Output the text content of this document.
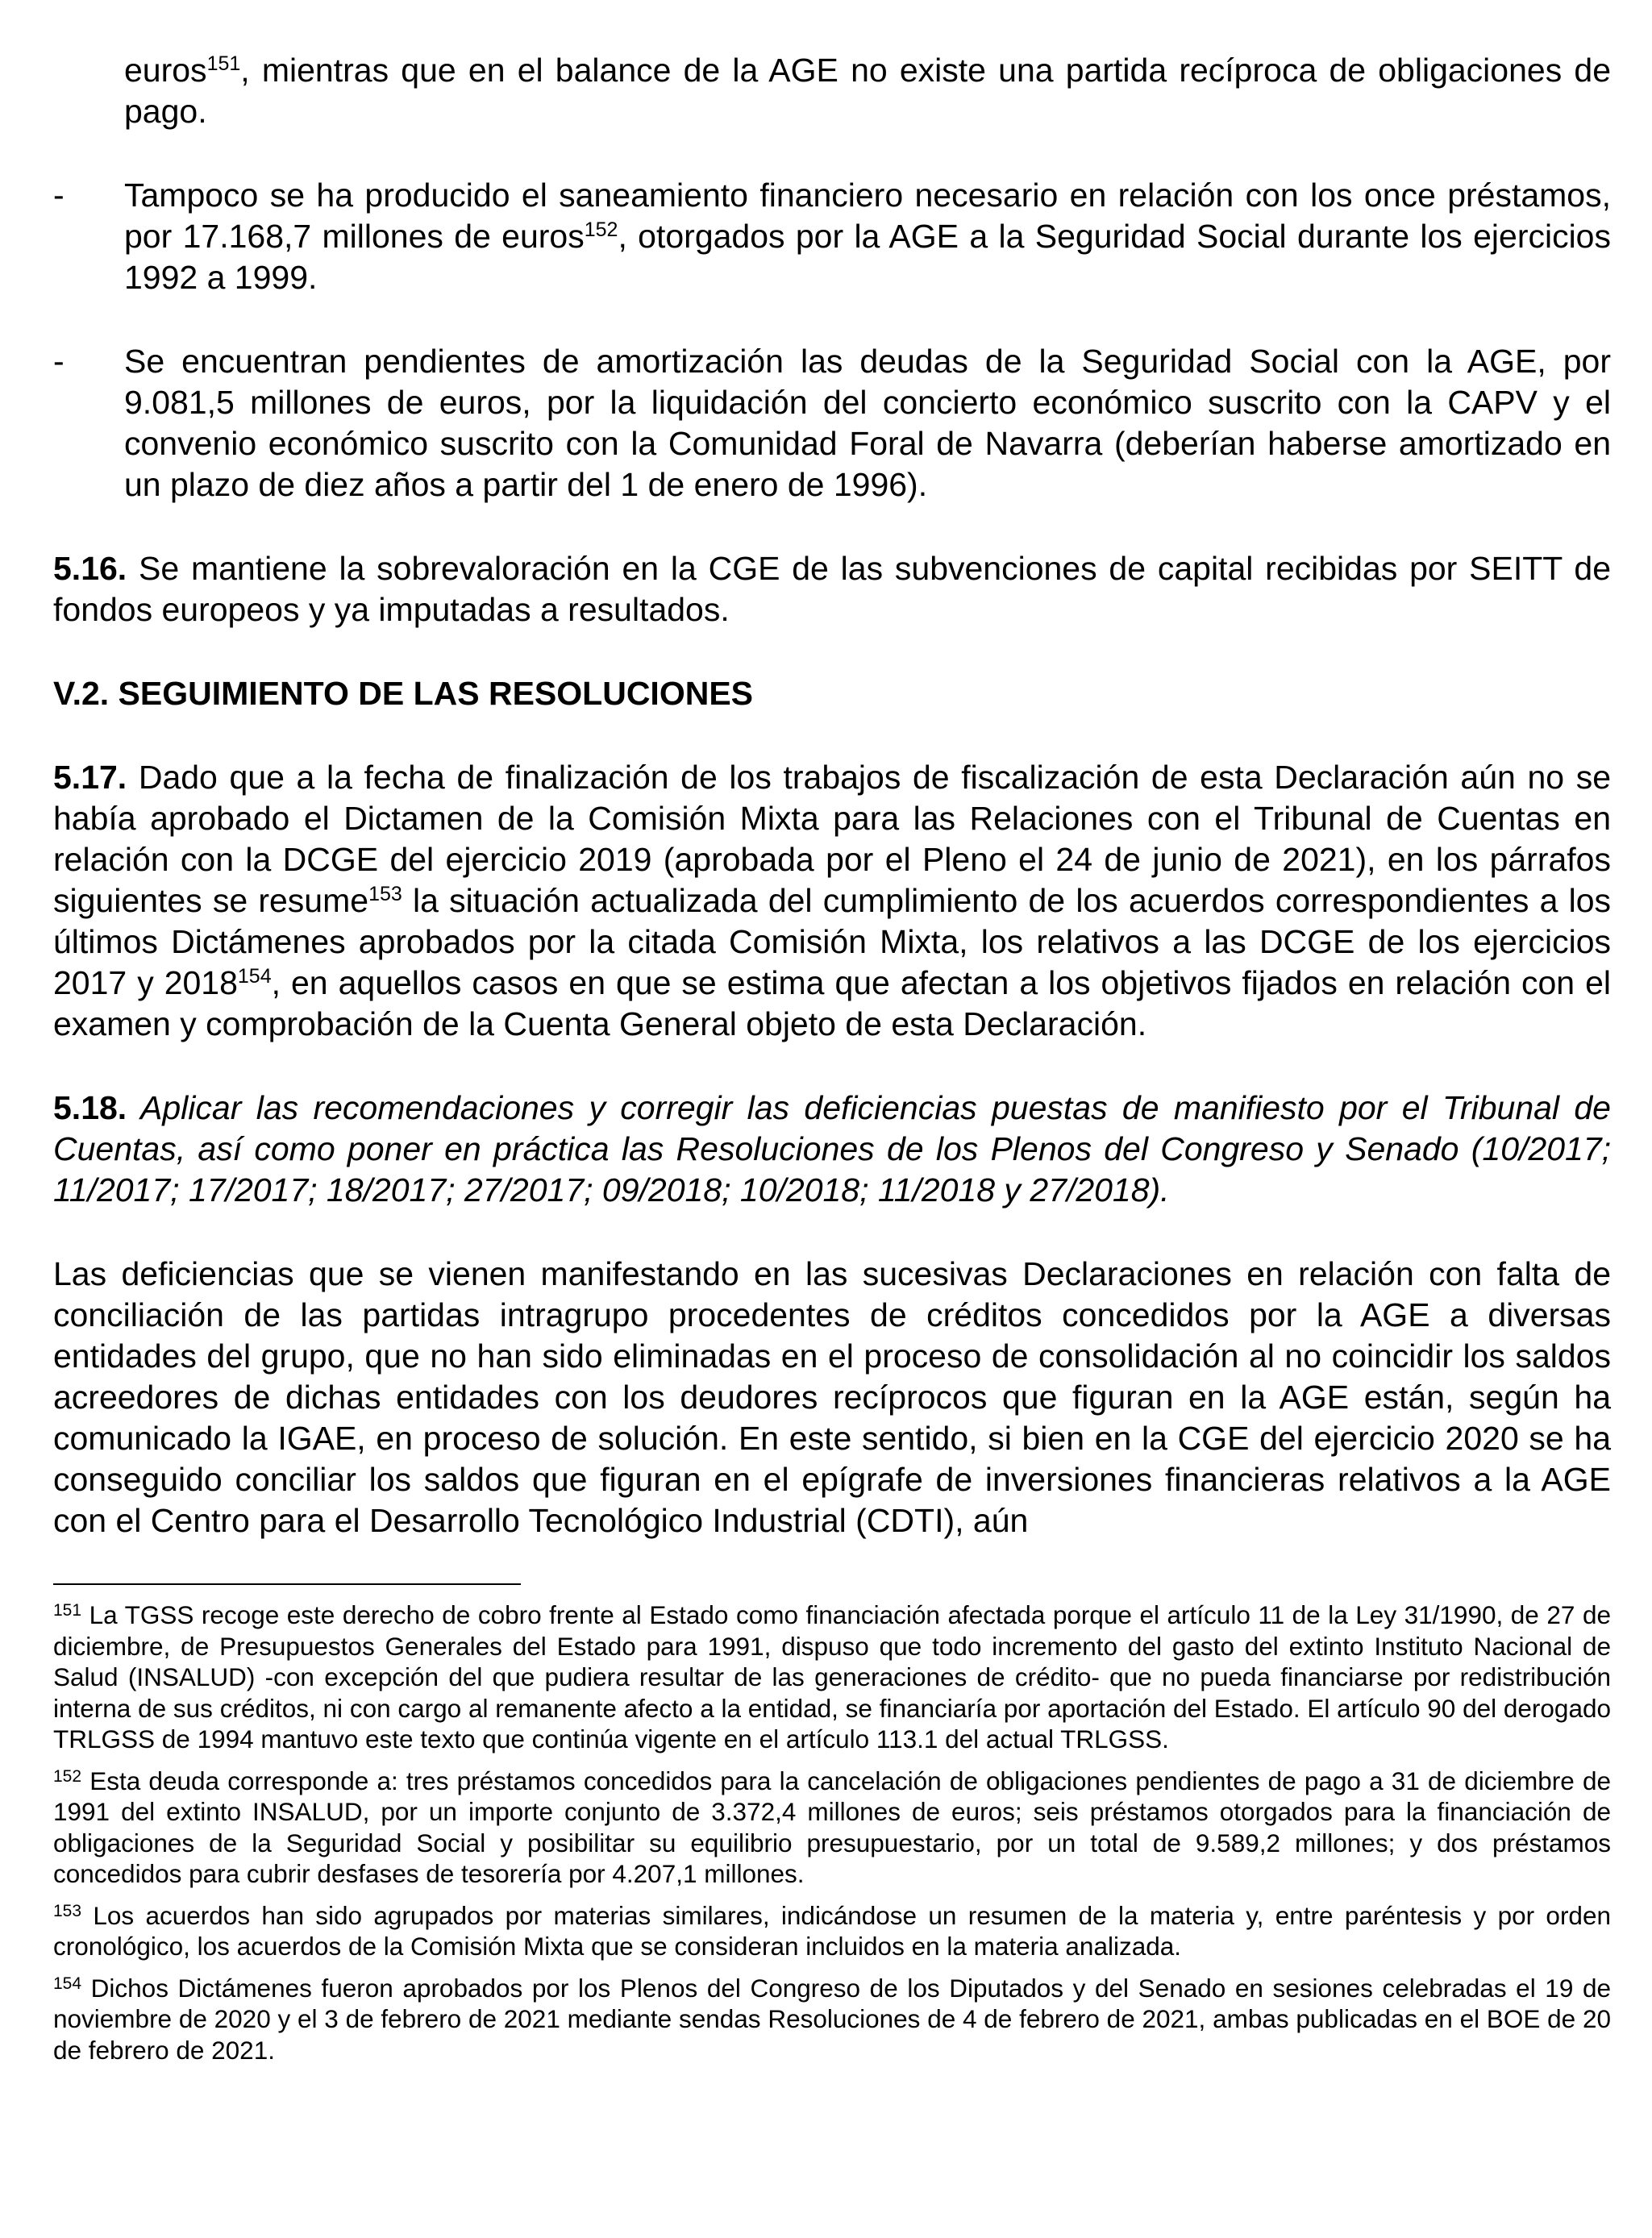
euros$^{151}$, mientras que en el balance de la AGE no existe una partida recíproca de obligaciones de pago.

-	Tampoco se ha producido el saneamiento financiero necesario en relación con los once préstamos, por 17.168,7 millones de euros$^{152}$, otorgados por la AGE a la Seguridad Social durante los ejercicios 1992 a 1999.
-	Se encuentran pendientes de amortización las deudas de la Seguridad Social con la AGE, por 9.081,5 millones de euros, por la liquidación del concierto económico suscrito con la CAPV y el convenio económico suscrito con la Comunidad Foral de Navarra (deberían haberse amortizado en un plazo de diez años a partir del 1 de enero de 1996).

5.16. Se mantiene la sobrevaloración en la CGE de las subvenciones de capital recibidas por SEITT de fondos europeos y ya imputadas a resultados.

V.2. SEGUIMIENTO DE LAS RESOLUCIONES

5.17. Dado que a la fecha de finalización de los trabajos de fiscalización de esta Declaración aún no se había aprobado el Dictamen de la Comisión Mixta para las Relaciones con el Tribunal de Cuentas en relación con la DCGE del ejercicio 2019 (aprobada por el Pleno el 24 de junio de 2021), en los párrafos siguientes se resume$^{153}$ la situación actualizada del cumplimiento de los acuerdos correspondientes a los últimos Dictámenes aprobados por la citada Comisión Mixta, los relativos a las DCGE de los ejercicios 2017 y 2018$^{154}$, en aquellos casos en que se estima que afectan a los objetivos fijados en relación con el examen y comprobación de la Cuenta General objeto de esta Declaración.

5.18. Aplicar las recomendaciones y corregir las deficiencias puestas de manifiesto por el Tribunal de Cuentas, así como poner en práctica las Resoluciones de los Plenos del Congreso y Senado (10/2017; 11/2017; 17/2017; 18/2017; 27/2017; 09/2018; 10/2018; 11/2018 y 27/2018).

Las deficiencias que se vienen manifestando en las sucesivas Declaraciones en relación con falta de conciliación de las partidas intragrupo procedentes de créditos concedidos por la AGE a diversas entidades del grupo, que no han sido eliminadas en el proceso de consolidación al no coincidir los saldos acreedores de dichas entidades con los deudores recíprocos que figuran en la AGE están, según ha comunicado la IGAE, en proceso de solución. En este sentido, si bien en la CGE del ejercicio 2020 se ha conseguido conciliar los saldos que figuran en el epígrafe de inversiones financieras relativos a la AGE con el Centro para el Desarrollo Tecnológico Industrial (CDTI), aún

$^{151}$ La TGSS recoge este derecho de cobro frente al Estado como financiación afectada porque el artículo 11 de la Ley 31/1990, de 27 de diciembre, de Presupuestos Generales del Estado para 1991, dispuso que todo incremento del gasto del extinto Instituto Nacional de Salud (INSALUD) -con excepción del que pudiera resultar de las generaciones de crédito- que no pueda financiarse por redistribución interna de sus créditos, ni con cargo al remanente afecto a la entidad, se financiaría por aportación del Estado. El artículo 90 del derogado TRLGSS de 1994 mantuvo este texto que continúa vigente en el artículo 113.1 del actual TRLGSS.

$^{152}$ Esta deuda corresponde a: tres préstamos concedidos para la cancelación de obligaciones pendientes de pago a 31 de diciembre de 1991 del extinto INSALUD, por un importe conjunto de 3.372,4 millones de euros; seis préstamos otorgados para la financiación de obligaciones de la Seguridad Social y posibilitar su equilibrio presupuestario, por un total de 9.589,2 millones; y dos préstamos concedidos para cubrir desfases de tesorería por 4.207,1 millones.

$^{153}$ Los acuerdos han sido agrupados por materias similares, indicándose un resumen de la materia y, entre paréntesis y por orden cronológico, los acuerdos de la Comisión Mixta que se consideran incluidos en la materia analizada.

$^{154}$ Dichos Dictámenes fueron aprobados por los Plenos del Congreso de los Diputados y del Senado en sesiones celebradas el 19 de noviembre de 2020 y el 3 de febrero de 2021 mediante sendas Resoluciones de 4 de febrero de 2021, ambas publicadas en el BOE de 20 de febrero de 2021.
